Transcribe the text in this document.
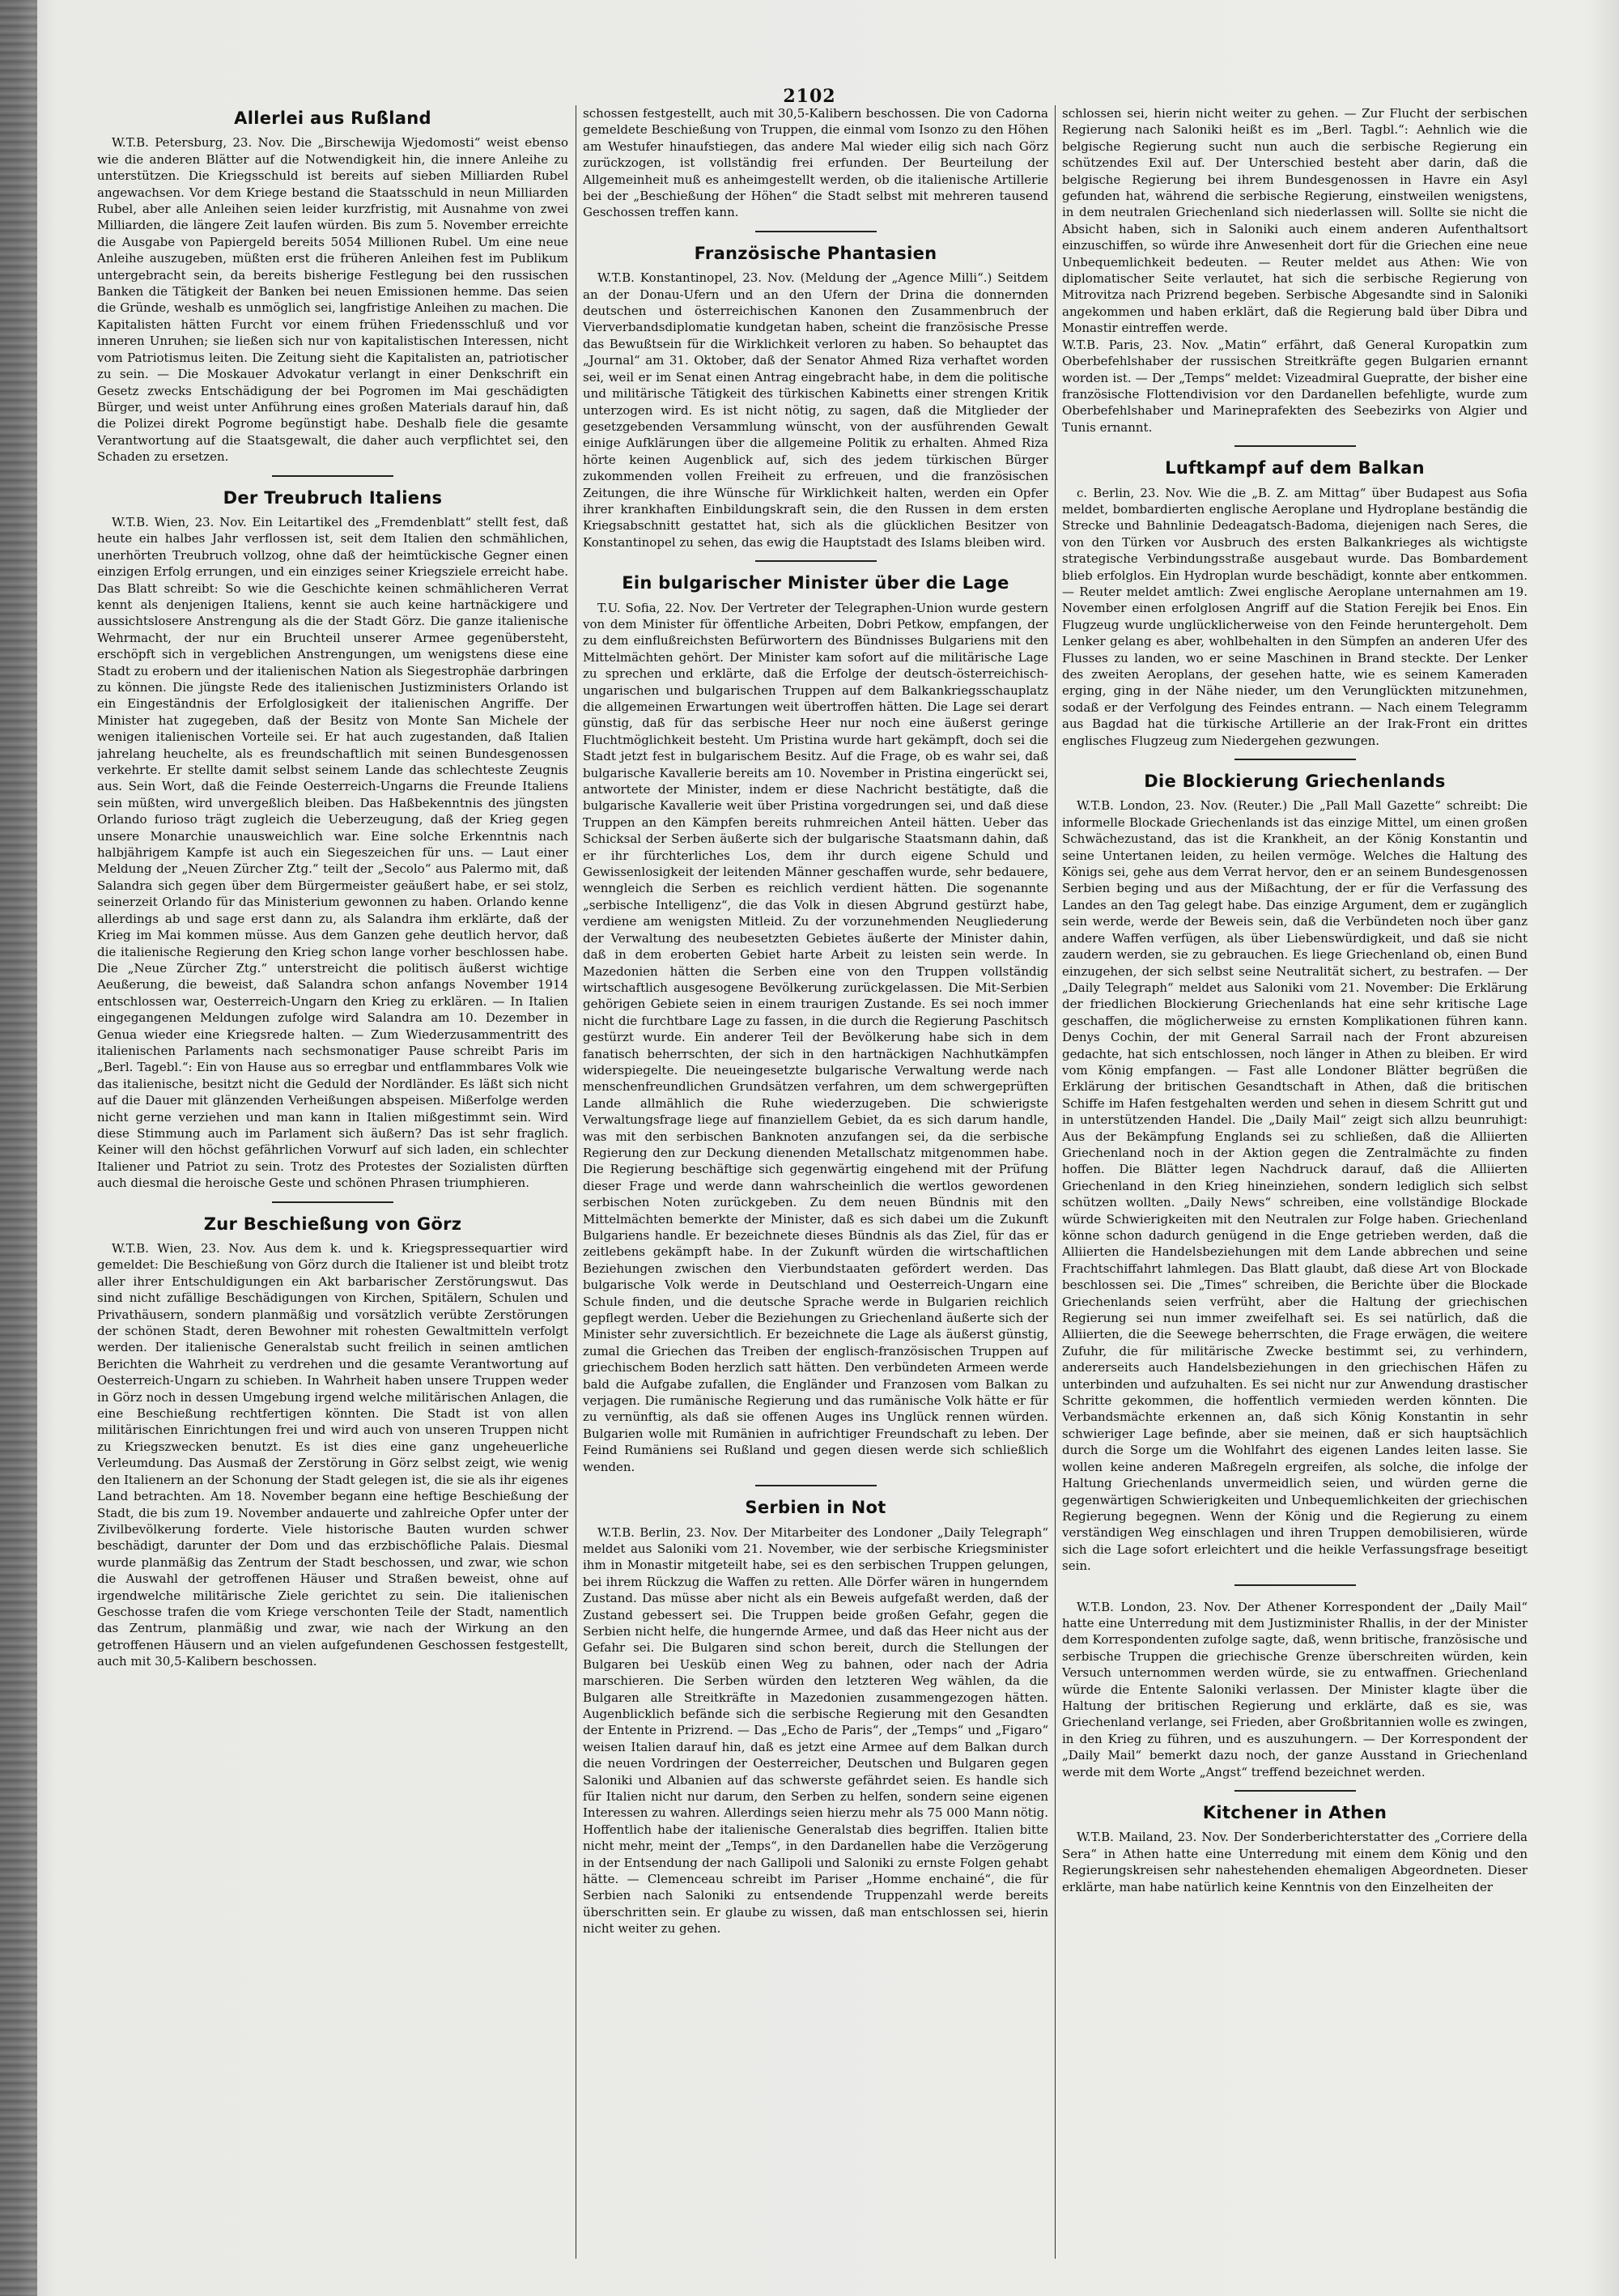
2102
Allerlei aus Rußland

W.T.B. Petersburg, 23. Nov. Die „Birschewija Wjedomosti“ weist ebenso wie die anderen Blätter auf die Notwendigkeit hin, die innere Anleihe zu unterstützen. Die Kriegsschuld ist bereits auf sieben Milliarden Rubel angewachsen. Vor dem Kriege bestand die Staatsschuld in neun Milliarden Rubel, aber alle Anleihen seien leider kurzfristig, mit Ausnahme von zwei Milliarden, die längere Zeit laufen würden. Bis zum 5. November erreichte die Ausgabe von Papiergeld bereits 5054 Millionen Rubel. Um eine neue Anleihe auszugeben, müßten erst die früheren Anleihen fest im Publikum untergebracht sein, da bereits bisherige Festlegung bei den russischen Banken die Tätigkeit der Banken bei neuen Emissionen hemme. Das seien die Gründe, weshalb es unmöglich sei, langfristige Anleihen zu machen. Die Kapitalisten hätten Furcht vor einem frühen Friedensschluß und vor inneren Unruhen; sie ließen sich nur von kapitalistischen Interessen, nicht vom Patriotismus leiten. Die Zeitung sieht die Kapitalisten an, patriotischer zu sein. — Die Moskauer Advokatur verlangt in einer Denkschrift ein Gesetz zwecks Entschädigung der bei Pogromen im Mai geschädigten Bürger, und weist unter Anführung eines großen Materials darauf hin, daß die Polizei direkt Pogrome begünstigt habe. Deshalb fiele die gesamte Verantwortung auf die Staatsgewalt, die daher auch verpflichtet sei, den Schaden zu ersetzen.

Der Treubruch Italiens

W.T.B. Wien, 23. Nov. Ein Leitartikel des „Fremdenblatt“ stellt fest, daß heute ein halbes Jahr verflossen ist, seit dem Italien den schmählichen, unerhörten Treubruch vollzog, ohne daß der heimtückische Gegner einen einzigen Erfolg errungen, und ein einziges seiner Kriegsziele erreicht habe. Das Blatt schreibt: So wie die Geschichte keinen schmählicheren Verrat kennt als denjenigen Italiens, kennt sie auch keine hartnäckigere und aussichtslosere Anstrengung als die der Stadt Görz. Die ganze italienische Wehrmacht, der nur ein Bruchteil unserer Armee gegenübersteht, erschöpft sich in vergeblichen Anstrengungen, um wenigstens diese eine Stadt zu erobern und der italienischen Nation als Siegestrophäe darbringen zu können. Die jüngste Rede des italienischen Justizministers Orlando ist ein Eingeständnis der Erfolglosigkeit der italienischen Angriffe. Der Minister hat zugegeben, daß der Besitz von Monte San Michele der wenigen italienischen Vorteile sei. Er hat auch zugestanden, daß Italien jahrelang heuchelte, als es freundschaftlich mit seinen Bundesgenossen verkehrte. Er stellte damit selbst seinem Lande das schlechteste Zeugnis aus. Sein Wort, daß die Feinde Oesterreich-Ungarns die Freunde Italiens sein müßten, wird unvergeßlich bleiben. Das Haßbekenntnis des jüngsten Orlando furioso trägt zugleich die Ueberzeugung, daß der Krieg gegen unsere Monarchie unausweichlich war. Eine solche Erkenntnis nach halbjährigem Kampfe ist auch ein Siegeszeichen für uns. — Laut einer Meldung der „Neuen Zürcher Ztg.“ teilt der „Secolo“ aus Palermo mit, daß Salandra sich gegen über dem Bürgermeister geäußert habe, er sei stolz, seinerzeit Orlando für das Ministerium gewonnen zu haben. Orlando kenne allerdings ab und sage erst dann zu, als Salandra ihm erklärte, daß der Krieg im Mai kommen müsse. Aus dem Ganzen gehe deutlich hervor, daß die italienische Regierung den Krieg schon lange vorher beschlossen habe. Die „Neue Zürcher Ztg.“ unterstreicht die politisch äußerst wichtige Aeußerung, die beweist, daß Salandra schon anfangs November 1914 entschlossen war, Oesterreich-Ungarn den Krieg zu erklären. — In Italien eingegangenen Meldungen zufolge wird Salandra am 10. Dezember in Genua wieder eine Kriegsrede halten. — Zum Wiederzusammentritt des italienischen Parlaments nach sechsmonatiger Pause schreibt Paris im „Berl. Tagebl.“: Ein von Hause aus so erregbar und entflammbares Volk wie das italienische, besitzt nicht die Geduld der Nordländer. Es läßt sich nicht auf die Dauer mit glänzenden Verheißungen abspeisen. Mißerfolge werden nicht gerne verziehen und man kann in Italien mißgestimmt sein. Wird diese Stimmung auch im Parlament sich äußern? Das ist sehr fraglich. Keiner will den höchst gefährlichen Vorwurf auf sich laden, ein schlechter Italiener und Patriot zu sein. Trotz des Protestes der Sozialisten dürften auch diesmal die heroische Geste und schönen Phrasen triumphieren.

Zur Beschießung von Görz

W.T.B. Wien, 23. Nov. Aus dem k. und k. Kriegspressequartier wird gemeldet: Die Beschießung von Görz durch die Italiener ist und bleibt trotz aller ihrer Entschuldigungen ein Akt barbarischer Zerstörungswut. Das sind nicht zufällige Beschädigungen von Kirchen, Spitälern, Schulen und Privathäusern, sondern planmäßig und vorsätzlich verübte Zerstörungen der schönen Stadt, deren Bewohner mit rohesten Gewaltmitteln verfolgt werden. Der italienische Generalstab sucht freilich in seinen amtlichen Berichten die Wahrheit zu verdrehen und die gesamte Verantwortung auf Oesterreich-Ungarn zu schieben. In Wahrheit haben unsere Truppen weder in Görz noch in dessen Umgebung irgend welche militärischen Anlagen, die eine Beschießung rechtfertigen könnten. Die Stadt ist von allen militärischen Einrichtungen frei und wird auch von unseren Truppen nicht zu Kriegszwecken benutzt. Es ist dies eine ganz ungeheuerliche Verleumdung. Das Ausmaß der Zerstörung in Görz selbst zeigt, wie wenig den Italienern an der Schonung der Stadt gelegen ist, die sie als ihr eigenes Land betrachten. Am 18. November begann eine heftige Beschießung der Stadt, die bis zum 19. November andauerte und zahlreiche Opfer unter der Zivilbevölkerung forderte. Viele historische Bauten wurden schwer beschädigt, darunter der Dom und das erzbischöfliche Palais. Diesmal wurde planmäßig das Zentrum der Stadt beschossen, und zwar, wie schon die Auswahl der getroffenen Häuser und Straßen beweist, ohne auf irgendwelche militärische Ziele gerichtet zu sein. Die italienischen Geschosse trafen die vom Kriege verschonten Teile der Stadt, namentlich das Zentrum, planmäßig und zwar, wie nach der Wirkung an den getroffenen Häusern und an vielen aufgefundenen Geschossen festgestellt, auch mit 30,5-Kalibern beschossen.

schossen festgestellt, auch mit 30,5-Kalibern beschossen. Die von Cadorna gemeldete Beschießung von Truppen, die einmal vom Isonzo zu den Höhen am Westufer hinaufstiegen, das andere Mal wieder eilig sich nach Görz zurückzogen, ist vollständig frei erfunden. Der Beurteilung der Allgemeinheit muß es anheimgestellt werden, ob die italienische Artillerie bei der „Beschießung der Höhen“ die Stadt selbst mit mehreren tausend Geschossen treffen kann.

Französische Phantasien

W.T.B. Konstantinopel, 23. Nov. (Meldung der „Agence Milli“.) Seitdem an der Donau-Ufern und an den Ufern der Drina die donnernden deutschen und österreichischen Kanonen den Zusammenbruch der Vierverbandsdiplomatie kundgetan haben, scheint die französische Presse das Bewußtsein für die Wirklichkeit verloren zu haben. So behauptet das „Journal“ am 31. Oktober, daß der Senator Ahmed Riza verhaftet worden sei, weil er im Senat einen Antrag eingebracht habe, in dem die politische und militärische Tätigkeit des türkischen Kabinetts einer strengen Kritik unterzogen wird. Es ist nicht nötig, zu sagen, daß die Mitglieder der gesetzgebenden Versammlung wünscht, von der ausführenden Gewalt einige Aufklärungen über die allgemeine Politik zu erhalten. Ahmed Riza hörte keinen Augenblick auf, sich des jedem türkischen Bürger zukommenden vollen Freiheit zu erfreuen, und die französischen Zeitungen, die ihre Wünsche für Wirklichkeit halten, werden ein Opfer ihrer krankhaften Einbildungskraft sein, die den Russen in dem ersten Kriegsabschnitt gestattet hat, sich als die glücklichen Besitzer von Konstantinopel zu sehen, das ewig die Hauptstadt des Islams bleiben wird.

Ein bulgarischer Minister über die Lage

T.U. Sofia, 22. Nov. Der Vertreter der Telegraphen-Union wurde gestern von dem Minister für öffentliche Arbeiten, Dobri Petkow, empfangen, der zu dem einflußreichsten Befürwortern des Bündnisses Bulgariens mit den Mittelmächten gehört. Der Minister kam sofort auf die militärische Lage zu sprechen und erklärte, daß die Erfolge der deutsch-österreichisch-ungarischen und bulgarischen Truppen auf dem Balkankriegsschauplatz die allgemeinen Erwartungen weit übertroffen hätten. Die Lage sei derart günstig, daß für das serbische Heer nur noch eine äußerst geringe Fluchtmöglichkeit besteht. Um Pristina wurde hart gekämpft, doch sei die Stadt jetzt fest in bulgarischem Besitz. Auf die Frage, ob es wahr sei, daß bulgarische Kavallerie bereits am 10. November in Pristina eingerückt sei, antwortete der Minister, indem er diese Nachricht bestätigte, daß die bulgarische Kavallerie weit über Pristina vorgedrungen sei, und daß diese Truppen an den Kämpfen bereits ruhmreichen Anteil hätten. Ueber das Schicksal der Serben äußerte sich der bulgarische Staatsmann dahin, daß er ihr fürchterliches Los, dem ihr durch eigene Schuld und Gewissenlosigkeit der leitenden Männer geschaffen wurde, sehr bedauere, wenngleich die Serben es reichlich verdient hätten. Die sogenannte „serbische Intelligenz“, die das Volk in diesen Abgrund gestürzt habe, verdiene am wenigsten Mitleid. Zu der vorzunehmenden Neugliederung der Verwaltung des neubesetzten Gebietes äußerte der Minister dahin, daß in dem eroberten Gebiet harte Arbeit zu leisten sein werde. In Mazedonien hätten die Serben eine von den Truppen vollständig wirtschaftlich ausgesogene Bevölkerung zurückgelassen. Die Mit-Serbien gehörigen Gebiete seien in einem traurigen Zustande. Es sei noch immer nicht die furchtbare Lage zu fassen, in die durch die Regierung Paschitsch gestürzt wurde. Ein anderer Teil der Bevölkerung habe sich in dem fanatisch beherrschten, der sich in den hartnäckigen Nachhutkämpfen widerspiegelte. Die neueingesetzte bulgarische Verwaltung werde nach menschenfreundlichen Grundsätzen verfahren, um dem schwergeprüften Lande allmählich die Ruhe wiederzugeben. Die schwierigste Verwaltungsfrage liege auf finanziellem Gebiet, da es sich darum handle, was mit den serbischen Banknoten anzufangen sei, da die serbische Regierung den zur Deckung dienenden Metallschatz mitgenommen habe. Die Regierung beschäftige sich gegenwärtig eingehend mit der Prüfung dieser Frage und werde dann wahrscheinlich die wertlos gewordenen serbischen Noten zurückgeben. Zu dem neuen Bündnis mit den Mittelmächten bemerkte der Minister, daß es sich dabei um die Zukunft Bulgariens handle. Er bezeichnete dieses Bündnis als das Ziel, für das er zeitlebens gekämpft habe. In der Zukunft würden die wirtschaftlichen Beziehungen zwischen den Vierbundstaaten gefördert werden. Das bulgarische Volk werde in Deutschland und Oesterreich-Ungarn eine Schule finden, und die deutsche Sprache werde in Bulgarien reichlich gepflegt werden. Ueber die Beziehungen zu Griechenland äußerte sich der Minister sehr zuversichtlich. Er bezeichnete die Lage als äußerst günstig, zumal die Griechen das Treiben der englisch-französischen Truppen auf griechischem Boden herzlich satt hätten. Den verbündeten Armeen werde bald die Aufgabe zufallen, die Engländer und Franzosen vom Balkan zu verjagen. Die rumänische Regierung und das rumänische Volk hätte er für zu vernünftig, als daß sie offenen Auges ins Unglück rennen würden. Bulgarien wolle mit Rumänien in aufrichtiger Freundschaft zu leben. Der Feind Rumäniens sei Rußland und gegen diesen werde sich schließlich wenden.

Serbien in Not

W.T.B. Berlin, 23. Nov. Der Mitarbeiter des Londoner „Daily Telegraph“ meldet aus Saloniki vom 21. November, wie der serbische Kriegsminister ihm in Monastir mitgeteilt habe, sei es den serbischen Truppen gelungen, bei ihrem Rückzug die Waffen zu retten. Alle Dörfer wären in hungerndem Zustand. Das müsse aber nicht als ein Beweis aufgefaßt werden, daß der Zustand gebessert sei. Die Truppen beide großen Gefahr, gegen die Serbien nicht helfe, die hungernde Armee, und daß das Heer nicht aus der Gefahr sei. Die Bulgaren sind schon bereit, durch die Stellungen der Bulgaren bei Uesküb einen Weg zu bahnen, oder nach der Adria marschieren. Die Serben würden den letzteren Weg wählen, da die Bulgaren alle Streitkräfte in Mazedonien zusammengezogen hätten. Augenblicklich befände sich die serbische Regierung mit den Gesandten der Entente in Prizrend. — Das „Echo de Paris“, der „Temps“ und „Figaro“ weisen Italien darauf hin, daß es jetzt eine Armee auf dem Balkan durch die neuen Vordringen der Oesterreicher, Deutschen und Bulgaren gegen Saloniki und Albanien auf das schwerste gefährdet seien. Es handle sich für Italien nicht nur darum, den Serben zu helfen, sondern seine eigenen Interessen zu wahren. Allerdings seien hierzu mehr als 75 000 Mann nötig. Hoffentlich habe der italienische Generalstab dies begriffen. Italien bitte nicht mehr, meint der „Temps“, in den Dardanellen habe die Verzögerung in der Entsendung der nach Gallipoli und Saloniki zu ernste Folgen gehabt hätte. — Clemenceau schreibt im Pariser „Homme enchainé“, die für Serbien nach Saloniki zu entsendende Truppenzahl werde bereits überschritten sein. Er glaube zu wissen, daß man entschlossen sei, hierin nicht weiter zu gehen.

schlossen sei, hierin nicht weiter zu gehen. — Zur Flucht der serbischen Regierung nach Saloniki heißt es im „Berl. Tagbl.“: Aehnlich wie die belgische Regierung sucht nun auch die serbische Regierung ein schützendes Exil auf. Der Unterschied besteht aber darin, daß die belgische Regierung bei ihrem Bundesgenossen in Havre ein Asyl gefunden hat, während die serbische Regierung, einstweilen wenigstens, in dem neutralen Griechenland sich niederlassen will. Sollte sie nicht die Absicht haben, sich in Saloniki auch einem anderen Aufenthaltsort einzuschiffen, so würde ihre Anwesenheit dort für die Griechen eine neue Unbequemlichkeit bedeuten. — Reuter meldet aus Athen: Wie von diplomatischer Seite verlautet, hat sich die serbische Regierung von Mitrovitza nach Prizrend begeben. Serbische Abgesandte sind in Saloniki angekommen und haben erklärt, daß die Regierung bald über Dibra und Monastir eintreffen werde.
W.T.B. Paris, 23. Nov. „Matin“ erfährt, daß General Kuropatkin zum Oberbefehlshaber der russischen Streitkräfte gegen Bulgarien ernannt worden ist. — Der „Temps“ meldet: Vizeadmiral Guepratte, der bisher eine französische Flottendivision vor den Dardanellen befehligte, wurde zum Oberbefehlshaber und Marineprafekten des Seebezirks von Algier und Tunis ernannt.

Luftkampf auf dem Balkan

c. Berlin, 23. Nov. Wie die „B. Z. am Mittag“ über Budapest aus Sofia meldet, bombardierten englische Aeroplane und Hydroplane beständig die Strecke und Bahnlinie Dedeagatsch-Badoma, diejenigen nach Seres, die von den Türken vor Ausbruch des ersten Balkankrieges als wichtigste strategische Verbindungsstraße ausgebaut wurde. Das Bombardement blieb erfolglos. Ein Hydroplan wurde beschädigt, konnte aber entkommen. — Reuter meldet amtlich: Zwei englische Aeroplane unternahmen am 19. November einen erfolglosen Angriff auf die Station Ferejik bei Enos. Ein Flugzeug wurde unglücklicherweise von den Feinde heruntergeholt. Dem Lenker gelang es aber, wohlbehalten in den Sümpfen an anderen Ufer des Flusses zu landen, wo er seine Maschinen in Brand steckte. Der Lenker des zweiten Aeroplans, der gesehen hatte, wie es seinem Kameraden erging, ging in der Nähe nieder, um den Verunglückten mitzunehmen, sodaß er der Verfolgung des Feindes entrann. — Nach einem Telegramm aus Bagdad hat die türkische Artillerie an der Irak-Front ein drittes englisches Flugzeug zum Niedergehen gezwungen.

Die Blockierung Griechenlands

W.T.B. London, 23. Nov. (Reuter.) Die „Pall Mall Gazette“ schreibt: Die informelle Blockade Griechenlands ist das einzige Mittel, um einen großen Schwächezustand, das ist die Krankheit, an der König Konstantin und seine Untertanen leiden, zu heilen vermöge. Welches die Haltung des Königs sei, gehe aus dem Verrat hervor, den er an seinem Bundesgenossen Serbien beging und aus der Mißachtung, der er für die Verfassung des Landes an den Tag gelegt habe. Das einzige Argument, dem er zugänglich sein werde, werde der Beweis sein, daß die Verbündeten noch über ganz andere Waffen verfügen, als über Liebenswürdigkeit, und daß sie nicht zaudern werden, sie zu gebrauchen. Es liege Griechenland ob, einen Bund einzugehen, der sich selbst seine Neutralität sichert, zu bestrafen. — Der „Daily Telegraph“ meldet aus Saloniki vom 21. November: Die Erklärung der friedlichen Blockierung Griechenlands hat eine sehr kritische Lage geschaffen, die möglicherweise zu ernsten Komplikationen führen kann. Denys Cochin, der mit General Sarrail nach der Front abzureisen gedachte, hat sich entschlossen, noch länger in Athen zu bleiben. Er wird vom König empfangen. — Fast alle Londoner Blätter begrüßen die Erklärung der britischen Gesandtschaft in Athen, daß die britischen Schiffe im Hafen festgehalten werden und sehen in diesem Schritt gut und in unterstützenden Handel. Die „Daily Mail“ zeigt sich allzu beunruhigt: Aus der Bekämpfung Englands sei zu schließen, daß die Alliierten Griechenland noch in der Aktion gegen die Zentralmächte zu finden hoffen. Die Blätter legen Nachdruck darauf, daß die Alliierten Griechenland in den Krieg hineinziehen, sondern lediglich sich selbst schützen wollten. „Daily News“ schreiben, eine vollständige Blockade würde Schwierigkeiten mit den Neutralen zur Folge haben. Griechenland könne schon dadurch genügend in die Enge getrieben werden, daß die Alliierten die Handelsbeziehungen mit dem Lande abbrechen und seine Frachtschiffahrt lahmlegen. Das Blatt glaubt, daß diese Art von Blockade beschlossen sei. Die „Times“ schreiben, die Berichte über die Blockade Griechenlands seien verfrüht, aber die Haltung der griechischen Regierung sei nun immer zweifelhaft sei. Es sei natürlich, daß die Alliierten, die die Seewege beherrschten, die Frage erwägen, die weitere Zufuhr, die für militärische Zwecke bestimmt sei, zu verhindern, andererseits auch Handelsbeziehungen in den griechischen Häfen zu unterbinden und aufzuhalten. Es sei nicht nur zur Anwendung drastischer Schritte gekommen, die hoffentlich vermieden werden könnten. Die Verbandsmächte erkennen an, daß sich König Konstantin in sehr schwieriger Lage befinde, aber sie meinen, daß er sich hauptsächlich durch die Sorge um die Wohlfahrt des eigenen Landes leiten lasse. Sie wollen keine anderen Maßregeln ergreifen, als solche, die infolge der Haltung Griechenlands unvermeidlich seien, und würden gerne die gegenwärtigen Schwierigkeiten und Unbequemlichkeiten der griechischen Regierung begegnen. Wenn der König und die Regierung zu einem verständigen Weg einschlagen und ihren Truppen demobilisieren, würde sich die Lage sofort erleichtert und die heikle Verfassungsfrage beseitigt sein.

W.T.B. London, 23. Nov. Der Athener Korrespondent der „Daily Mail“ hatte eine Unterredung mit dem Justizminister Rhallis, in der der Minister dem Korrespondenten zufolge sagte, daß, wenn britische, französische und serbische Truppen die griechische Grenze überschreiten würden, kein Versuch unternommen werden würde, sie zu entwaffnen. Griechenland würde die Entente Saloniki verlassen. Der Minister klagte über die Haltung der britischen Regierung und erklärte, daß es sie, was Griechenland verlange, sei Frieden, aber Großbritannien wolle es zwingen, in den Krieg zu führen, und es auszuhungern. — Der Korrespondent der „Daily Mail“ bemerkt dazu noch, der ganze Ausstand in Griechenland werde mit dem Worte „Angst“ treffend bezeichnet werden.

Kitchener in Athen

W.T.B. Mailand, 23. Nov. Der Sonderberichterstatter des „Corriere della Sera“ in Athen hatte eine Unterredung mit einem dem König und den Regierungskreisen sehr nahestehenden ehemaligen Abgeordneten. Dieser erklärte, man habe natürlich keine Kenntnis von den Einzelheiten der
